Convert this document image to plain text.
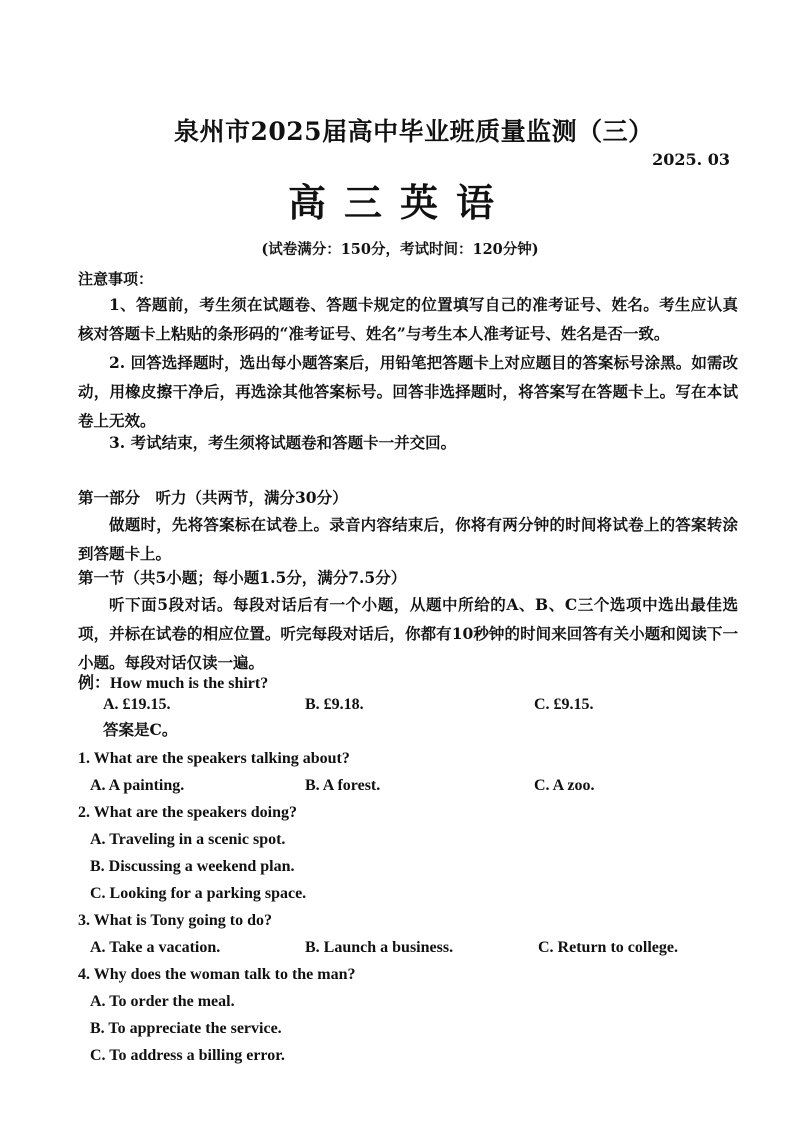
泉州市2025届高中毕业班质量监测（三）
2025. 03
高三英语
(试卷满分：150分，考试时间：120分钟)
注意事项：
1、答题前，考生须在试题卷、答题卡规定的位置填写自己的准考证号、姓名。考生应认真核对答题卡上粘贴的条形码的“准考证号、姓名”与考生本人准考证号、姓名是否一致。
2. 回答选择题时，选出每小题答案后，用铅笔把答题卡上对应题目的答案标号涂黑。如需改动，用橡皮擦干净后，再选涂其他答案标号。回答非选择题时，将答案写在答题卡上。写在本试卷上无效。
3. 考试结束，考生须将试题卷和答题卡一并交回。
第一部分　听力（共两节，满分30分）
做题时，先将答案标在试卷上。录音内容结束后，你将有两分钟的时间将试卷上的答案转涂到答题卡上。
第一节（共5小题；每小题1.5分，满分7.5分）
听下面5段对话。每段对话后有一个小题，从题中所给的A、B、C三个选项中选出最佳选项，并标在试卷的相应位置。听完每段对话后，你都有10秒钟的时间来回答有关小题和阅读下一小题。每段对话仅读一遍。
例：How much is the shirt?
A. £19.15.	B. £9.18.	C. £9.15.
答案是C。
1. What are the speakers talking about?
A. A painting.	B. A forest.	C. A zoo.
2. What are the speakers doing?
A. Traveling in a scenic spot.
B. Discussing a weekend plan.
C. Looking for a parking space.
3. What is Tony going to do?
A. Take a vacation.	B. Launch a business.	C. Return to college.
4. Why does the woman talk to the man?
A. To order the meal.
B. To appreciate the service.
C. To address a billing error.
